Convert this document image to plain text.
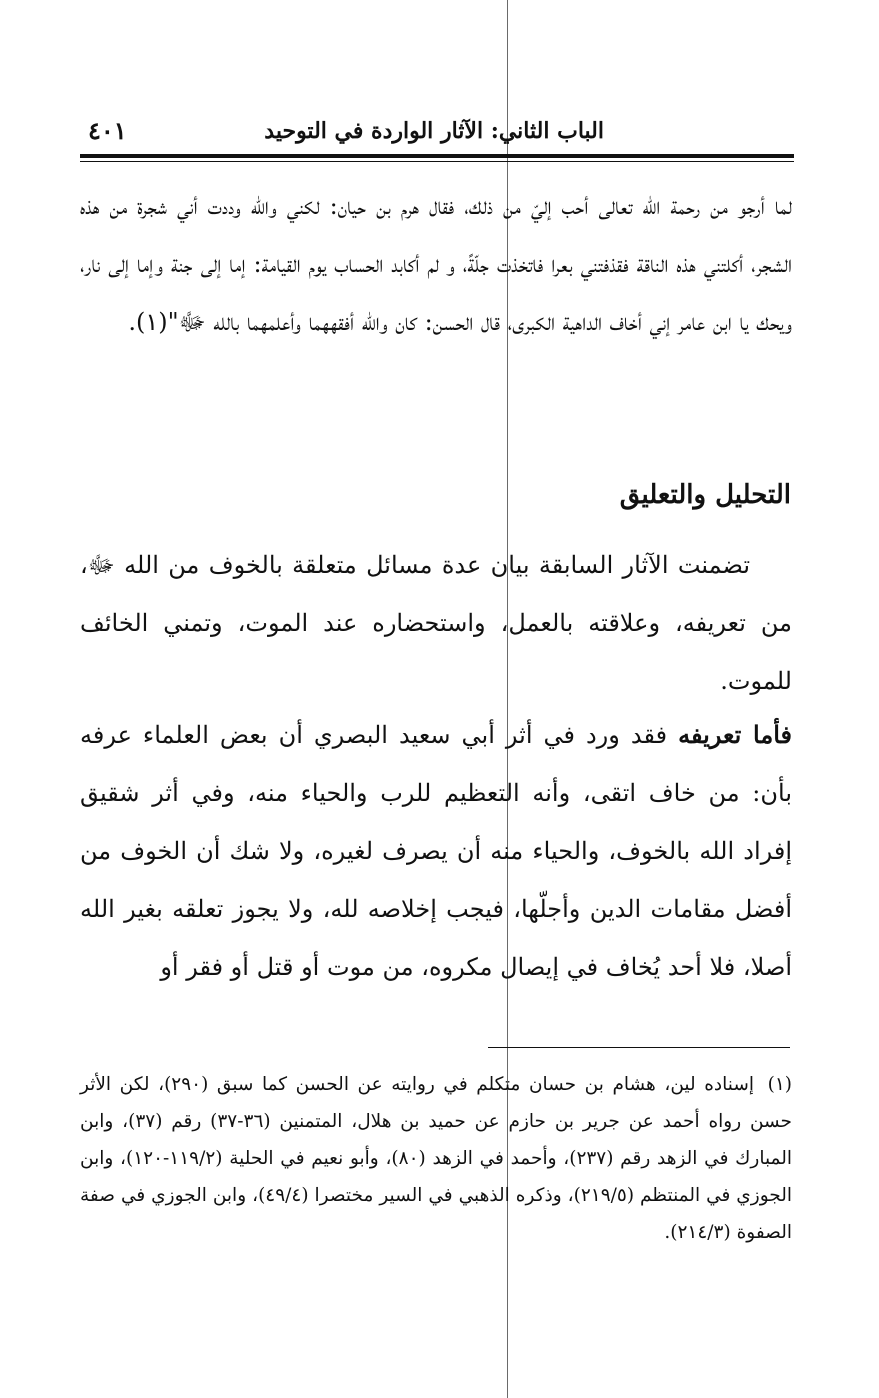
الباب الثاني: الآثار الواردة في التوحيد
٤٠١

لما أرجو من رحمة الله تعالى أحب إليّ من ذلك، فقال هرم بن حيان: لكني والله وددت أني شجرة من هذه الشجر، أكلتني هذه الناقة فقذفتني بعرا فاتخذت جلّةً، و لم أكابد الحساب يوم القيامة: إما إلى جنة وإما إلى نار، ويحك يا ابن عامر إني أخاف الداهية الكبرى، قال الحسن: كان والله أفقههما وأعلمهما بالله ﷻ"(١).

التحليل والتعليق

تضمنت الآثار السابقة بيان عدة مسائل متعلقة بالخوف من الله ﷻ، من تعريفه، وعلاقته بالعمل، واستحضاره عند الموت، وتمني الخائف للموت.

فأما تعريفه فقد ورد في أثر أبي سعيد البصري أن بعض العلماء عرفه بأن: من خاف اتقى، وأنه التعظيم للرب والحياء منه، وفي أثر شقيق إفراد الله بالخوف، والحياء منه أن يصرف لغيره، ولا شك أن الخوف من أفضل مقامات الدين وأجلّها، فيجب إخلاصه لله، ولا يجوز تعلقه بغير الله أصلا، فلا أحد يُخاف في إيصال مكروه، من موت أو قتل أو فقر أو

(١)إسناده لين، هشام بن حسان متكلم في روايته عن الحسن كما سبق (٢٩٠)، لكن الأثر حسن رواه أحمد عن جرير بن حازم عن حميد بن هلال، المتمنين (٣٦-٣٧) رقم (٣٧)، وابن المبارك في الزهد رقم (٢٣٧)، وأحمد في الزهد (٨٠)، وأبو نعيم في الحلية (١١٩/٢-١٢٠)، وابن الجوزي في المنتظم (٢١٩/٥)، وذكره الذهبي في السير مختصرا (٤٩/٤)، وابن الجوزي في صفة الصفوة (٢١٤/٣).
